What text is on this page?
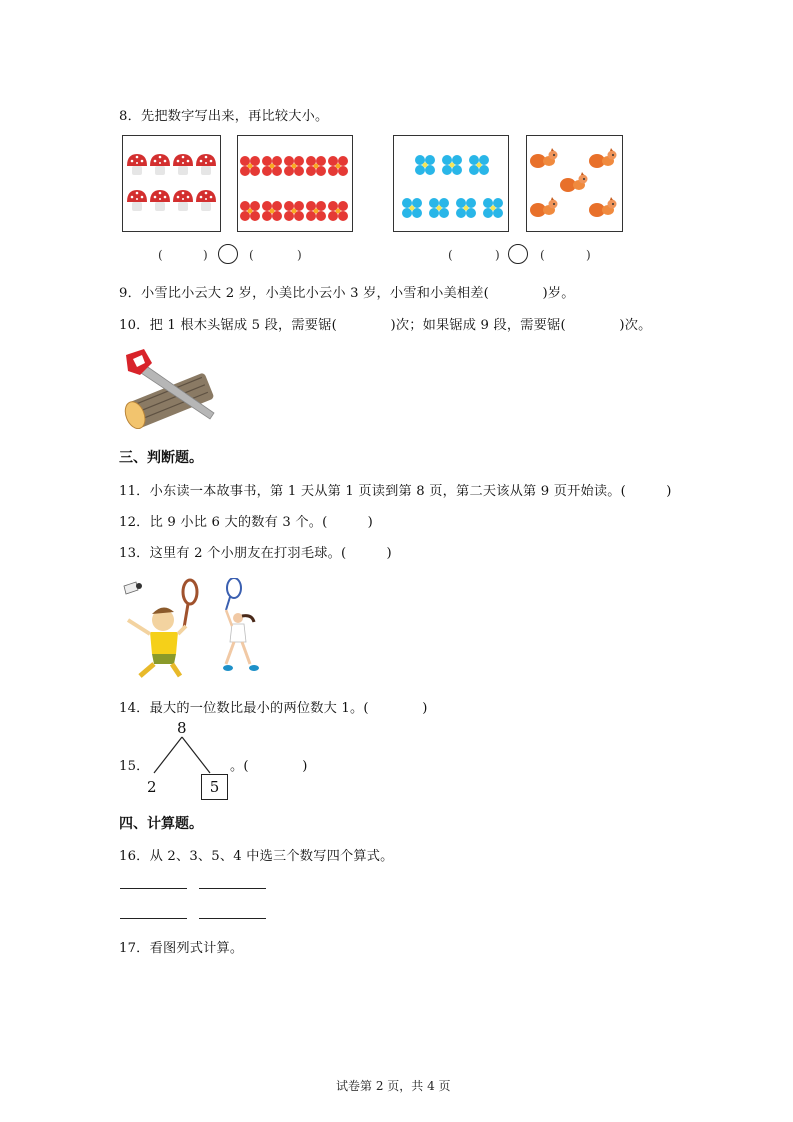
8．先把数字写出来，再比较大小。
(	)	(	)	(	)	(	)
9．小雪比小云大 2 岁，小美比小云小 3 岁，小雪和小美相差(　　　　)岁。
10．把 1 根木头锯成 5 段，需要锯(　　　　)次；如果锯成 9 段，需要锯(　　　　)次。
三、判断题。
11．小东读一本故事书，第 1 天从第 1 页读到第 8 页，第二天该从第 9 页开始读。(　　　)
12．比 9 小比 6 大的数有 3 个。(　　　)
13．这里有 2 个小朋友在打羽毛球。(　　　)
14．最大的一位数比最小的两位数大 1。(　　　　)
15．
8
2	5
。(　　　　)
四、计算题。
16．从 2、3、5、4 中选三个数写四个算式。
17．看图列式计算。
试卷第 2 页，共 4 页
